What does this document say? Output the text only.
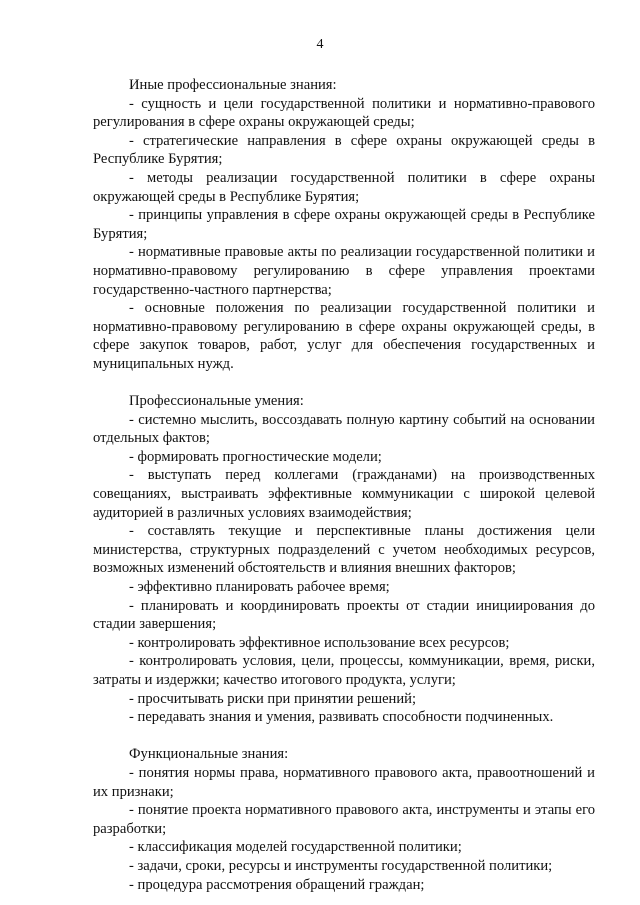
4

Иные профессиональные знания:

- сущность и цели государственной политики и нормативно-правового регулирования в сфере охраны окружающей среды;

- стратегические направления в сфере охраны окружающей среды в Республике Бурятия;

- методы реализации государственной политики в сфере охраны окружающей среды в Республике Бурятия;

- принципы управления в сфере охраны окружающей среды в Республике Бурятия;

- нормативные правовые акты по реализации государственной политики и нормативно-правовому регулированию в сфере управления проектами государственно-частного партнерства;

- основные положения по реализации государственной политики и нормативно-правовому регулированию в сфере охраны окружающей среды, в сфере закупок товаров, работ, услуг для обеспечения государственных и муниципальных нужд.

Профессиональные умения:

- системно мыслить, воссоздавать полную картину событий на основании отдельных фактов;

- формировать прогностические модели;

- выступать перед коллегами (гражданами) на производственных совещаниях, выстраивать эффективные коммуникации с широкой целевой аудиторией в различных условиях взаимодействия;

- составлять текущие и перспективные планы достижения цели министерства, структурных подразделений с учетом необходимых ресурсов, возможных изменений обстоятельств и влияния внешних факторов;

- эффективно планировать рабочее время;

- планировать и координировать проекты от стадии инициирования до стадии завершения;

- контролировать эффективное использование всех ресурсов;

- контролировать условия, цели, процессы, коммуникации, время, риски, затраты и издержки; качество итогового продукта, услуги;

- просчитывать риски при принятии решений;

- передавать знания и умения, развивать способности подчиненных.

Функциональные знания:

- понятия нормы права, нормативного правового акта, правоотношений и их признаки;

- понятие проекта нормативного правового акта, инструменты и этапы его разработки;

- классификация моделей государственной политики;

- задачи, сроки, ресурсы и инструменты государственной политики;

- процедура рассмотрения обращений граждан;
